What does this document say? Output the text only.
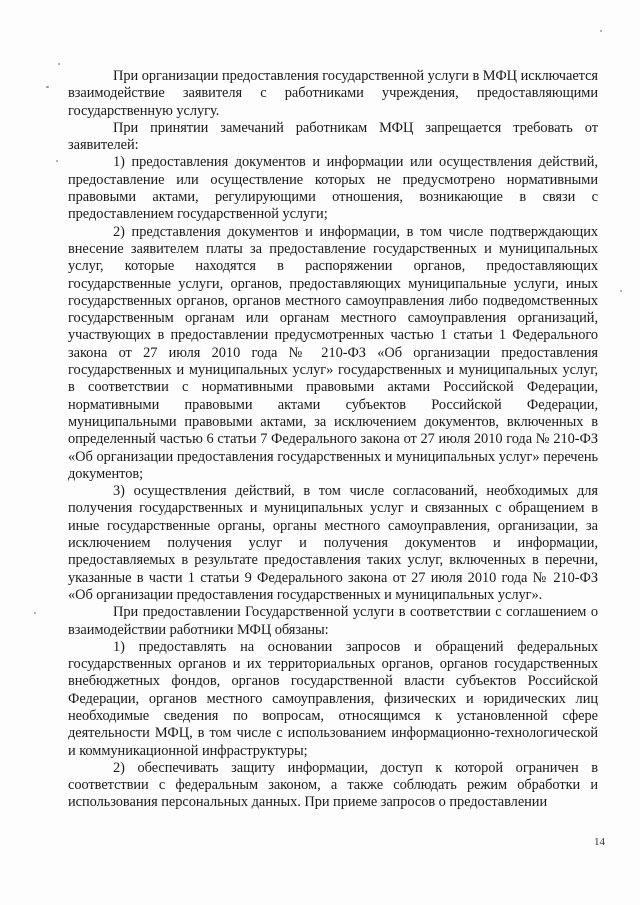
При организации предоставления государственной услуги в МФЦ исключается взаимодействие заявителя с работниками учреждения, предоставляющими государственную услугу.

При принятии замечаний работникам МФЦ запрещается требовать от заявителей:

1) предоставления документов и информации или осуществления действий, предоставление или осуществление которых не предусмотрено нормативными правовыми актами, регулирующими отношения, возникающие в связи с предоставлением государственной услуги;

2) представления документов и информации, в том числе подтверждающих внесение заявителем платы за предоставление государственных и муниципальных услуг, которые находятся в распоряжении органов, предоставляющих государственные услуги, органов, предоставляющих муниципальные услуги, иных государственных органов, органов местного самоуправления либо подведомственных государственным органам или органам местного самоуправления организаций, участвующих в предоставлении предусмотренных частью 1 статьи 1 Федерального закона от 27 июля 2010 года № 210-ФЗ «Об организации предоставления государственных и муниципальных услуг» государственных и муниципальных услуг, в соответствии с нормативными правовыми актами Российской Федерации, нормативными правовыми актами субъектов Российской Федерации, муниципальными правовыми актами, за исключением документов, включенных в определенный частью 6 статьи 7 Федерального закона от 27 июля 2010 года № 210-ФЗ «Об организации предоставления государственных и муниципальных услуг» перечень документов;

3) осуществления действий, в том числе согласований, необходимых для получения государственных и муниципальных услуг и связанных с обращением в иные государственные органы, органы местного самоуправления, организации, за исключением получения услуг и получения документов и информации, предоставляемых в результате предоставления таких услуг, включенных в перечни, указанные в части 1 статьи 9 Федерального закона от 27 июля 2010 года № 210-ФЗ «Об организации предоставления государственных и муниципальных услуг».

При предоставлении Государственной услуги в соответствии с соглашением о взаимодействии работники МФЦ обязаны:

1) предоставлять на основании запросов и обращений федеральных государственных органов и их территориальных органов, органов государственных внебюджетных фондов, органов государственной власти субъектов Российской Федерации, органов местного самоуправления, физических и юридических лиц необходимые сведения по вопросам, относящимся к установленной сфере деятельности МФЦ, в том числе с использованием информационно-технологической и коммуникационной инфраструктуры;

2) обеспечивать защиту информации, доступ к которой ограничен в соответствии с федеральным законом, а также соблюдать режим обработки и использования персональных данных. При приеме запросов о предоставлении

14
